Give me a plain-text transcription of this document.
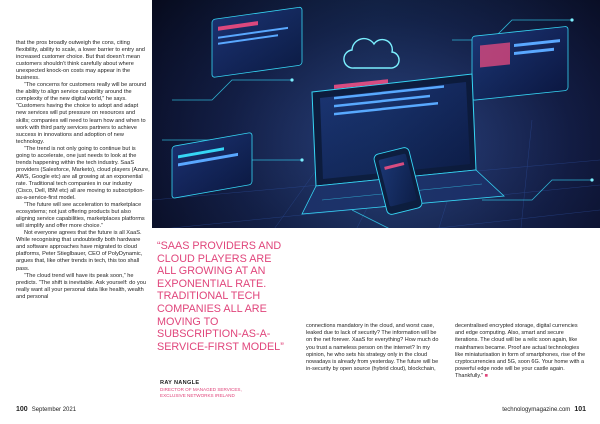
that the pros broadly outweigh the cons, citing flexibility, ability to scale, a lower barrier to entry and increased customer choice. But that doesn’t mean customers shouldn’t think carefully about where unexpected knock-on costs may appear in the business.

“The concerns for customers really will be around the ability to align service capability around the complexity of the new digital world,” he says. “Customers having the choice to adopt and adapt new services will put pressure on resources and skills; companies will need to learn how and when to work with third party services partners to achieve success in innovations and adoption of new technology.

“The trend is not only going to continue but is going to accelerate, one just needs to look at the trends happening within the tech industry. SaaS providers (Salesforce, Marketo), cloud players (Azure, AWS, Google etc) are all growing at an exponential rate. Traditional tech companies in our industry (Cisco, Dell, IBM etc) all are moving to subscription-as-a-service-first model.

“The future will see acceleration to marketplace ecosystems; not just offering products but also aligning service capabilities, marketplaces platforms will simplify and offer more choice.”

Not everyone agrees that the future is all XaaS. While recognising that undoubtedly both hardware and software approaches have migrated to cloud platforms, Peter Stieglbauer, CEO of PolyDynamic, argues that, like other trends in tech, this too shall pass.

“The cloud trend will have its peak soon,” he predicts. “The shift is inevitable. Ask yourself: do you really want all your personal data like health, wealth and personal

“SAAS PROVIDERS AND CLOUD PLAYERS ARE ALL GROWING AT AN EXPONENTIAL RATE. TRADITIONAL TECH COMPANIES ALL ARE MOVING TO SUBSCRIPTION-AS-A-SERVICE-FIRST MODEL”
RAY NANGLE
DIRECTOR OF MANAGED SERVICES,
EXCLUSIVE NETWORKS IRELAND

connections mandatory in the cloud, and worst case, leaked due to lack of security? The information will be on the net forever. XaaS for everything? How much do you trust a nameless person on the internet? In my opinion, he who sets his strategy only in the cloud nowadays is already from yesterday. The future will be in-security by open source (hybrid cloud), blockchain,

decentralised encrypted storage, digital currencies and edge computing. Also, smart and secure iterations. The cloud will be a relic soon again, like mainframes became. Proof are actual technologies like miniaturisation in form of smartphones, rise of the cryptocurrencies and 5G, soon 6G. Your home with a powerful edge node will be your castle again. Thankfully.” ■

100 September 2021	technologymagazine.com 101
